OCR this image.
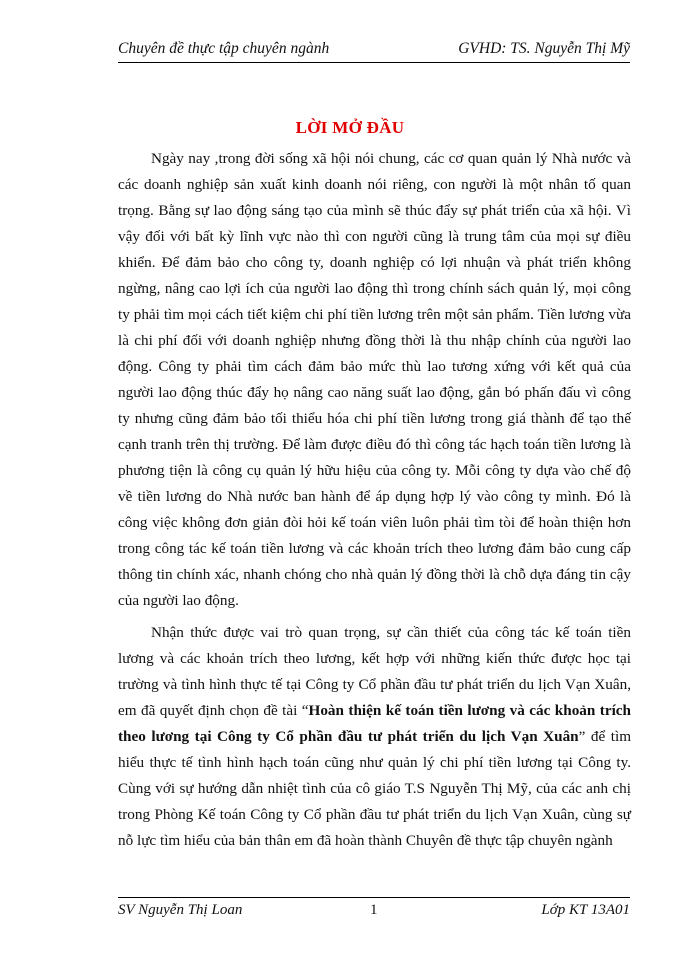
Chuyên đề thực tập chuyên ngành	GVHD: TS. Nguyễn Thị Mỹ
LỜI MỞ ĐẦU

Ngày nay ,trong đời sống xã hội nói chung, các cơ quan quản lý Nhà nước và các doanh nghiệp sản xuất kinh doanh nói riêng, con người là một nhân tố quan trọng. Bằng sự lao động sáng tạo của mình sẽ thúc đẩy sự phát triển của xã hội. Vì vậy đối với bất kỳ lĩnh vực nào thì con người cũng là trung tâm của mọi sự điều khiển. Để đảm bảo cho công ty, doanh nghiệp có lợi nhuận và phát triển không ngừng, nâng cao lợi ích của người lao động thì trong chính sách quản lý, mọi công ty phải tìm mọi cách tiết kiệm chi phí tiền lương trên một sản phẩm. Tiền lương vừa là chi phí đối với doanh nghiệp nhưng đồng thời là thu nhập chính của người lao động. Công ty phải tìm cách đảm bảo mức thù lao tương xứng với kết quả của người lao động thúc đẩy họ nâng cao năng suất lao động, gắn bó phấn đấu vì công ty nhưng cũng đảm bảo tối thiểu hóa chi phí tiền lương trong giá thành để tạo thế cạnh tranh trên thị trường. Để làm được điều đó thì công tác hạch toán tiền lương là phương tiện là công cụ quản lý hữu hiệu của công ty. Mỗi công ty dựa vào chế độ về tiền lương do Nhà nước ban hành để áp dụng hợp lý vào công ty mình. Đó là công việc không đơn giản đòi hỏi kế toán viên luôn phải tìm tòi để hoàn thiện hơn trong công tác kế toán tiền lương và các khoản trích theo lương đảm bảo cung cấp thông tin chính xác, nhanh chóng cho nhà quản lý đồng thời là chỗ dựa đáng tin cậy của người lao động.

Nhận thức được vai trò quan trọng, sự cần thiết của công tác kế toán tiền lương và các khoản trích theo lương, kết hợp với những kiến thức được học tại trường và tình hình thực tế tại Công ty Cổ phần đầu tư phát triển du lịch Vạn Xuân, em đã quyết định chọn đề tài “Hoàn thiện kế toán tiền lương và các khoản trích theo lương tại Công ty Cổ phần đầu tư phát triển du lịch Vạn Xuân” để tìm hiểu thực tế tình hình hạch toán cũng như quản lý chi phí tiền lương tại Công ty. Cùng với sự hướng dẫn nhiệt tình của cô giáo T.S Nguyễn Thị Mỹ, của các anh chị trong Phòng Kế toán Công ty Cổ phần đầu tư phát triển du lịch Vạn Xuân, cùng sự nỗ lực tìm hiểu của bản thân em đã hoàn thành Chuyên đề thực tập chuyên ngành

SV Nguyễn Thị Loan	1	Lớp KT 13A01
